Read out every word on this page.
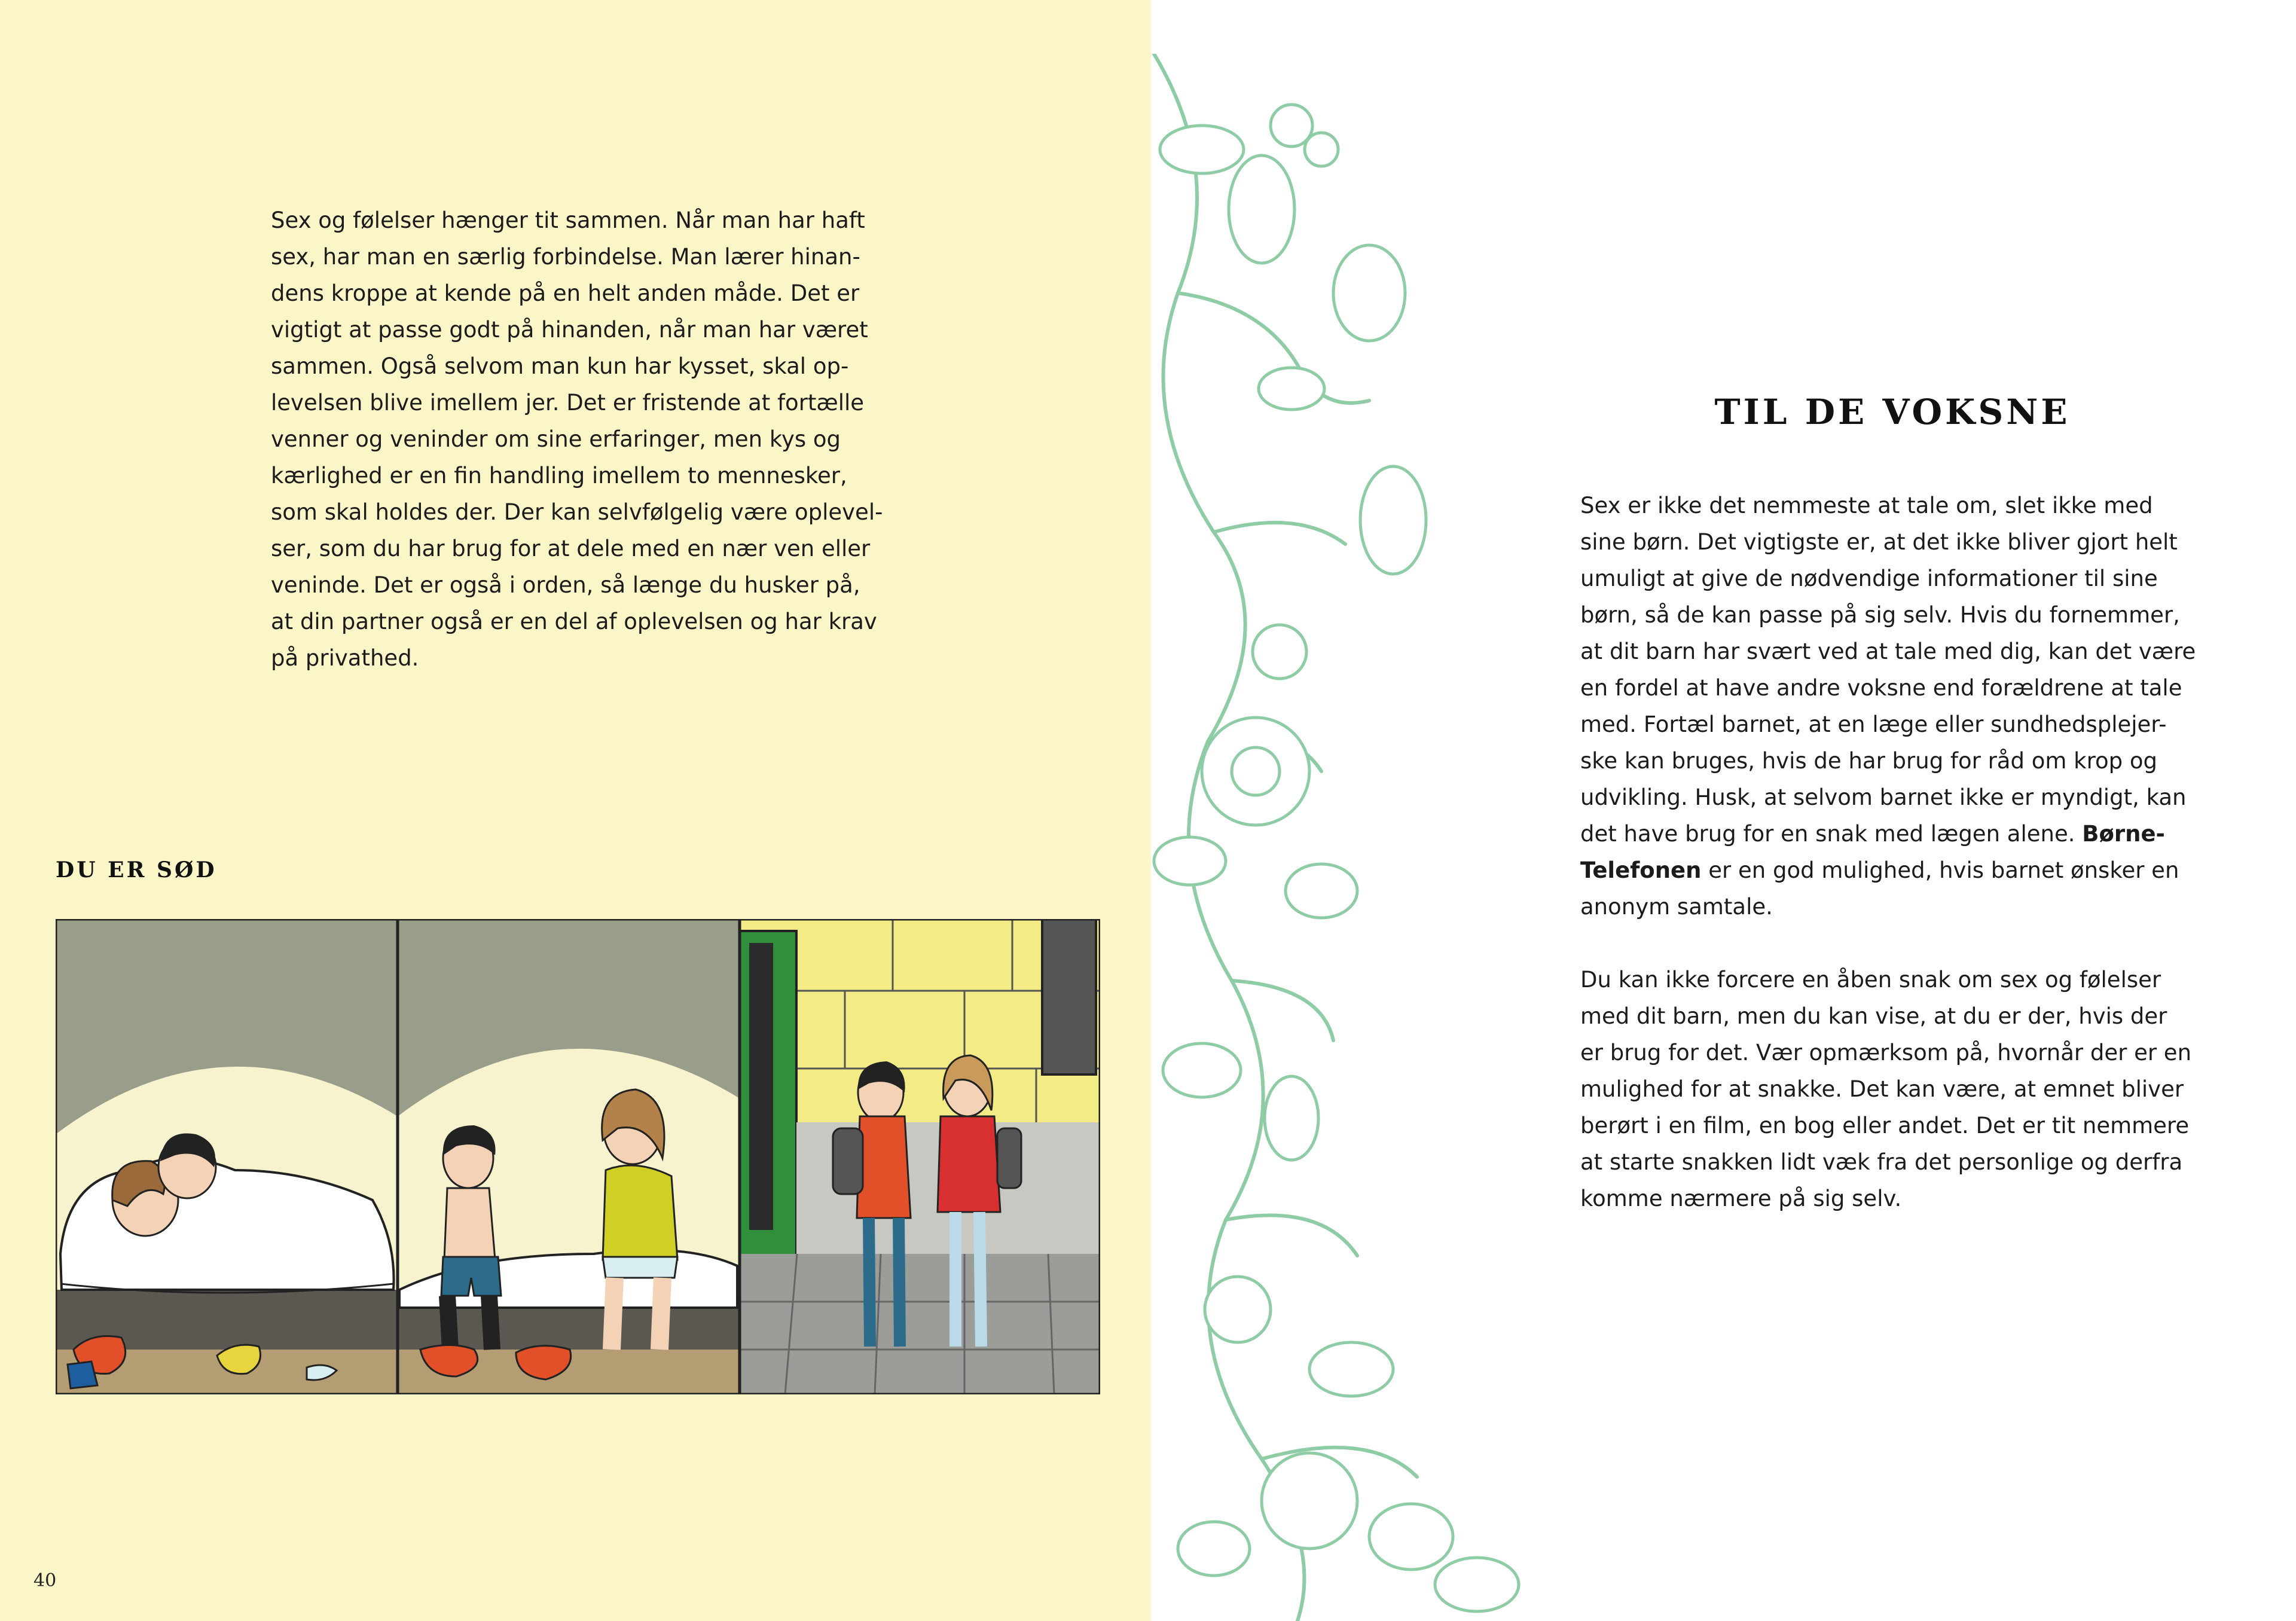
Sex og følelser hænger tit sammen. Når man har haft
sex, har man en særlig forbindelse. Man lærer hinan-
dens kroppe at kende på en helt anden måde. Det er
vigtigt at passe godt på hinanden, når man har været
sammen. Også selvom man kun har kysset, skal op-
levelsen blive imellem jer. Det er fristende at fortælle
venner og veninder om sine erfaringer, men kys og
kærlighed er en fin handling imellem to mennesker,
som skal holdes der. Der kan selvfølgelig være oplevel-
ser, som du har brug for at dele med en nær ven eller
veninde. Det er også i orden, så længe du husker på,
at din partner også er en del af oplevelsen og har krav
på privathed.

DU ER SØD
40
TIL DE VOKSNE

Sex er ikke det nemmeste at tale om, slet ikke med
sine børn. Det vigtigste er, at det ikke bliver gjort helt
umuligt at give de nødvendige informationer til sine
børn, så de kan passe på sig selv. Hvis du fornemmer,
at dit barn har svært ved at tale med dig, kan det være
en fordel at have andre voksne end forældrene at tale
med. Fortæl barnet, at en læge eller sundhedsplejer-
ske kan bruges, hvis de har brug for råd om krop og
udvikling. Husk, at selvom barnet ikke er myndigt, kan
det have brug for en snak med lægen alene. Børne-
Telefonen er en god mulighed, hvis barnet ønsker en
anonym samtale.

Du kan ikke forcere en åben snak om sex og følelser
med dit barn, men du kan vise, at du er der, hvis der
er brug for det. Vær opmærksom på, hvornår der er en
mulighed for at snakke. Det kan være, at emnet bliver
berørt i en film, en bog eller andet. Det er tit nemmere
at starte snakken lidt væk fra det personlige og derfra
komme nærmere på sig selv.
